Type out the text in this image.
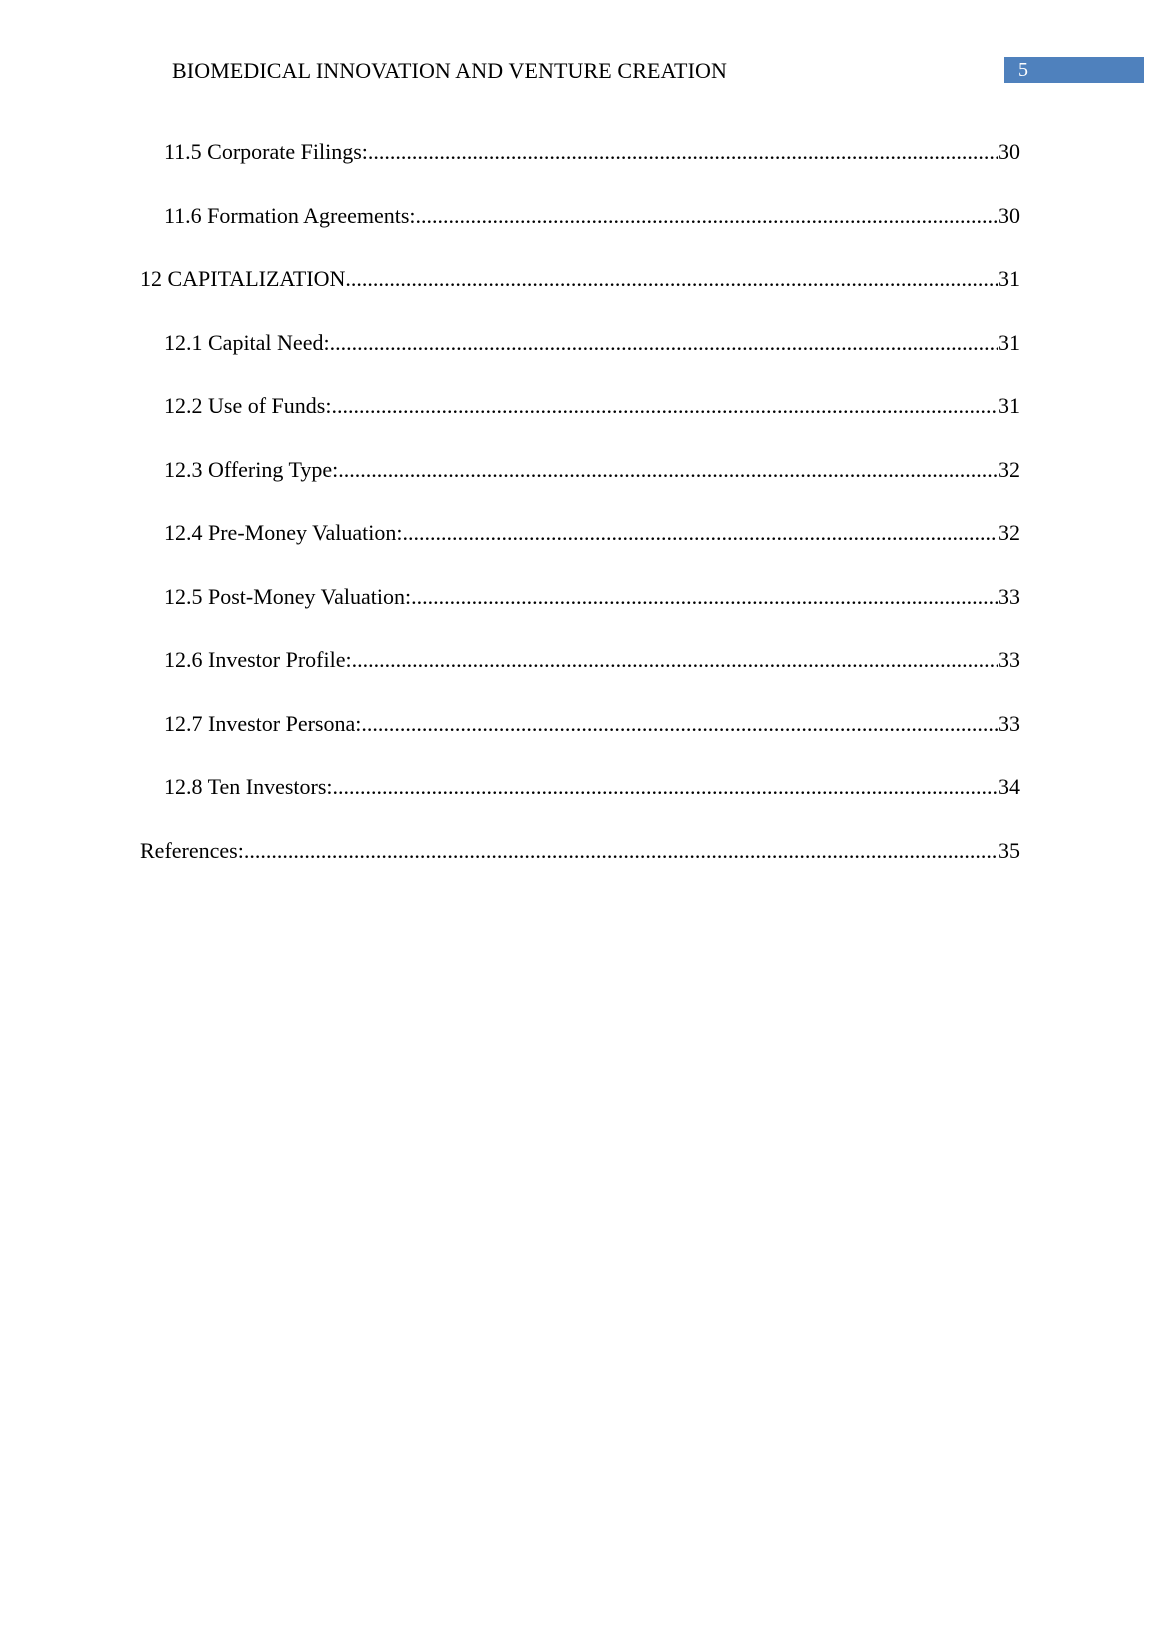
BIOMEDICAL INNOVATION AND VENTURE CREATION	5
11.5 Corporate Filings: .....	30
11.6 Formation Agreements: .....	30
12 CAPITALIZATION .....	31
12.1 Capital Need: .....	31
12.2 Use of Funds: .....	31
12.3 Offering Type: .....	32
12.4 Pre-Money Valuation: .....	32
12.5 Post-Money Valuation: .....	33
12.6 Investor Profile: .....	33
12.7 Investor Persona: .....	33
12.8 Ten Investors: .....	34
References: .....	35
